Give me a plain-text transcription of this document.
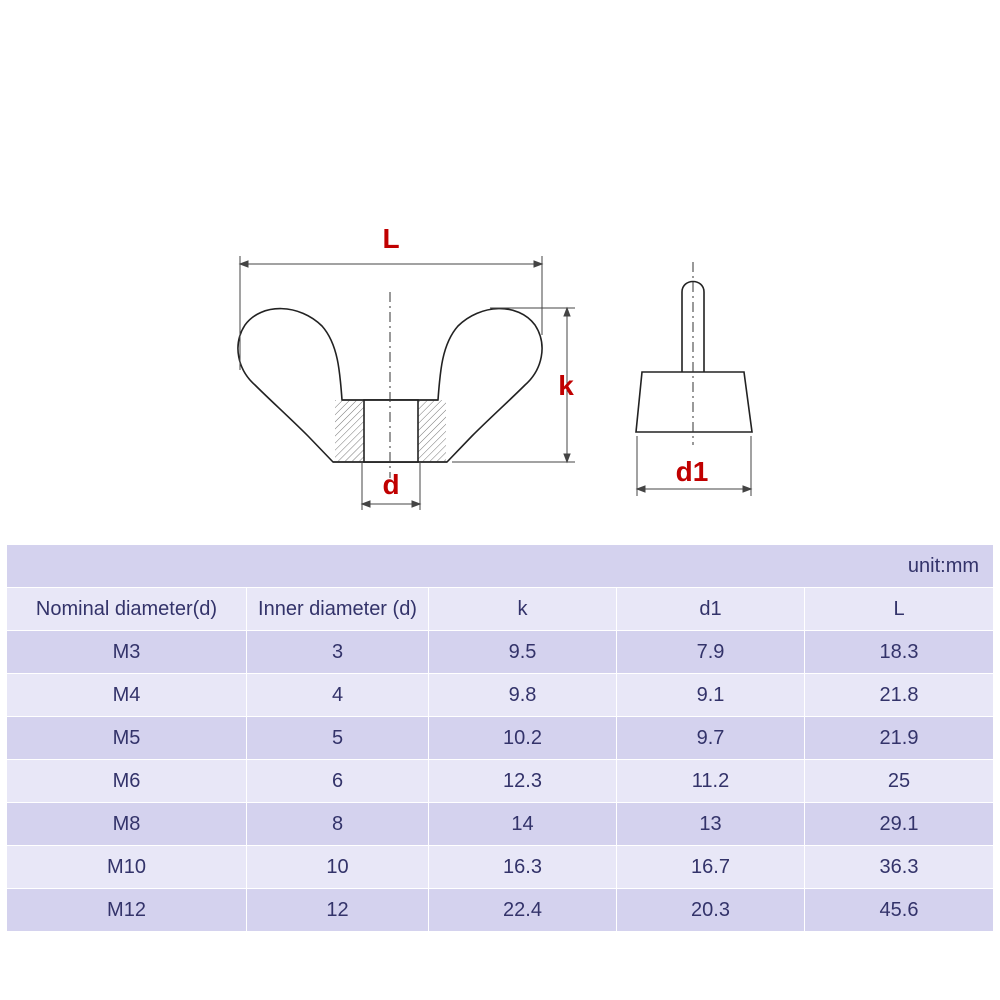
L
k
d	d1
unit:mm				
Nominal diameter(d)	Inner diameter (d)	k	d1	L
M3	3	9.5	7.9	18.3
M4	4	9.8	9.1	21.8
M5	5	10.2	9.7	21.9
M6	6	12.3	11.2	25
M8	8	14	13	29.1
M10	10	16.3	16.7	36.3
M12	12	22.4	20.3	45.6
